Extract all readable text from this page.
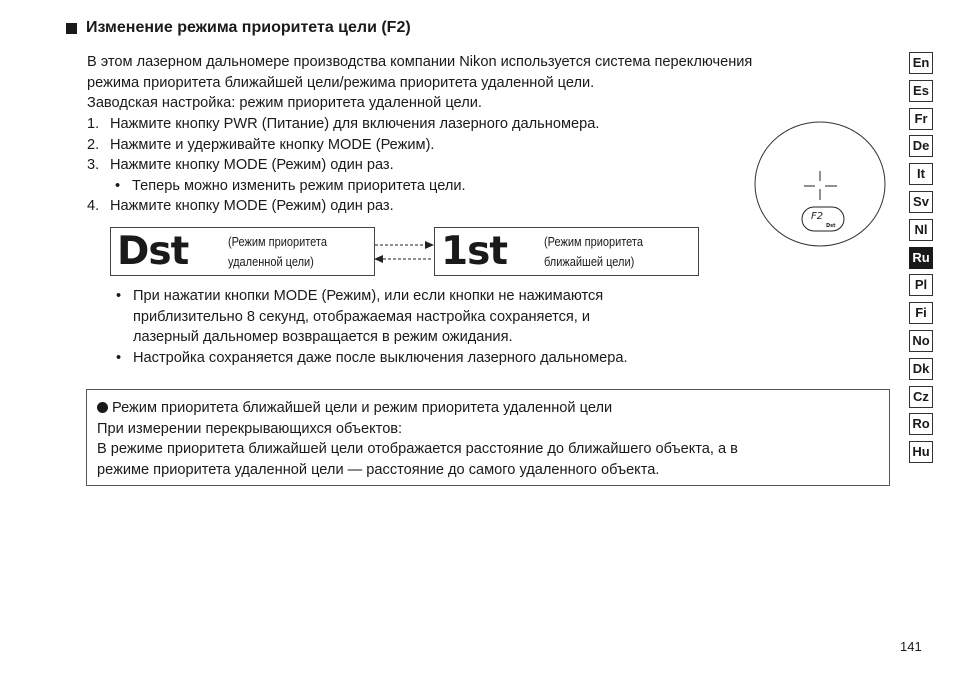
Изменение режима приоритета цели (F2)
В этом лазерном дальномере производства компании Nikon используется система переключения
режима приоритета ближайшей цели/режима приоритета удаленной цели.
Заводская настройка: режим приоритета удаленной цели.
1. Нажмите кнопку PWR (Питание) для включения лазерного дальномера.
2. Нажмите и удерживайте кнопку MODE (Режим).
3. Нажмите кнопку MODE (Режим) один раз.
• Теперь можно изменить режим приоритета цели.
4. Нажмите кнопку MODE (Режим) один раз.
Dst	(Режим приоритета
удаленной цели)	1st	(Режим приоритета
ближайшей цели)
• При нажатии кнопки MODE (Режим), или если кнопки не нажимаются
приблизительно 8 секунд, отображаемая настройка сохраняется, и
лазерный дальномер возвращается в режим ожидания.
• Настройка сохраняется даже после выключения лазерного дальномера.
Режим приоритета ближайшей цели и режим приоритета удаленной цели
При измерении перекрывающихся объектов:
В режиме приоритета ближайшей цели отображается расстояние до ближайшего объекта, а в
режиме приоритета удаленной цели — расстояние до самого удаленного объекта.
F2
Dst
En
Es
Fr
De
It
Sv
Nl
Ru
Pl
Fi
No
Dk
Cz
Ro
Hu
141
